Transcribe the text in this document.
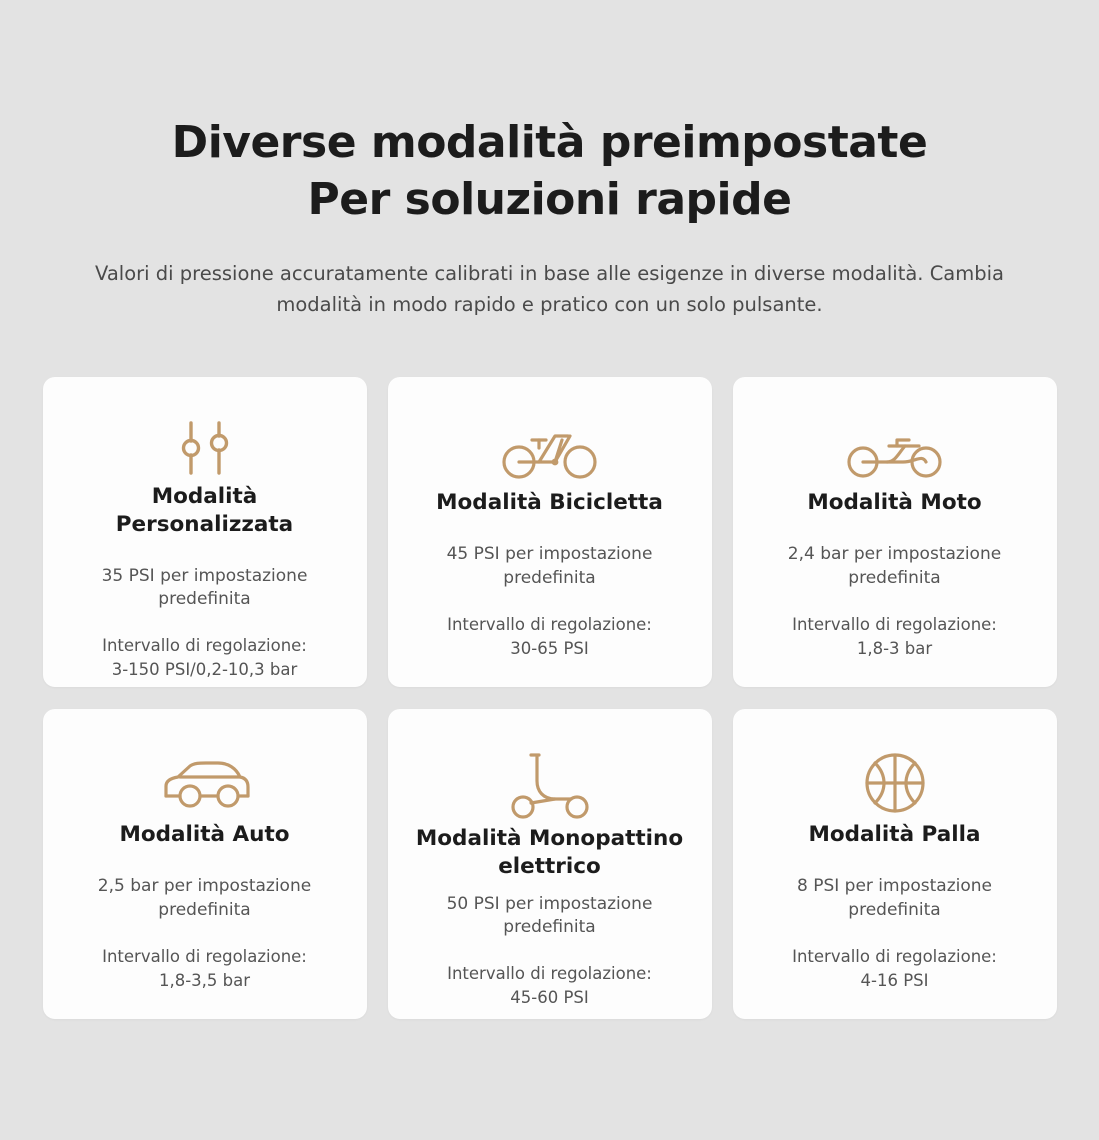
Diverse modalità preimpostate
Per soluzioni rapide

Valori di pressione accuratamente calibrati in base alle esigenze in diverse modalità. Cambia modalità in modo rapido e pratico con un solo pulsante.

Modalità Personalizzata
35 PSI per impostazione predefinita
Intervallo di regolazione:
3-150 PSI/0,2-10,3 bar
Modalità Bicicletta
45 PSI per impostazione predefinita
Intervallo di regolazione:
30-65 PSI
Modalità Moto
2,4 bar per impostazione predefinita
Intervallo di regolazione:
1,8-3 bar
Modalità Auto
2,5 bar per impostazione predefinita
Intervallo di regolazione:
1,8-3,5 bar
Modalità Monopattino elettrico
50 PSI per impostazione predefinita
Intervallo di regolazione:
45-60 PSI
Modalità Palla
8 PSI per impostazione predefinita
Intervallo di regolazione:
4-16 PSI
